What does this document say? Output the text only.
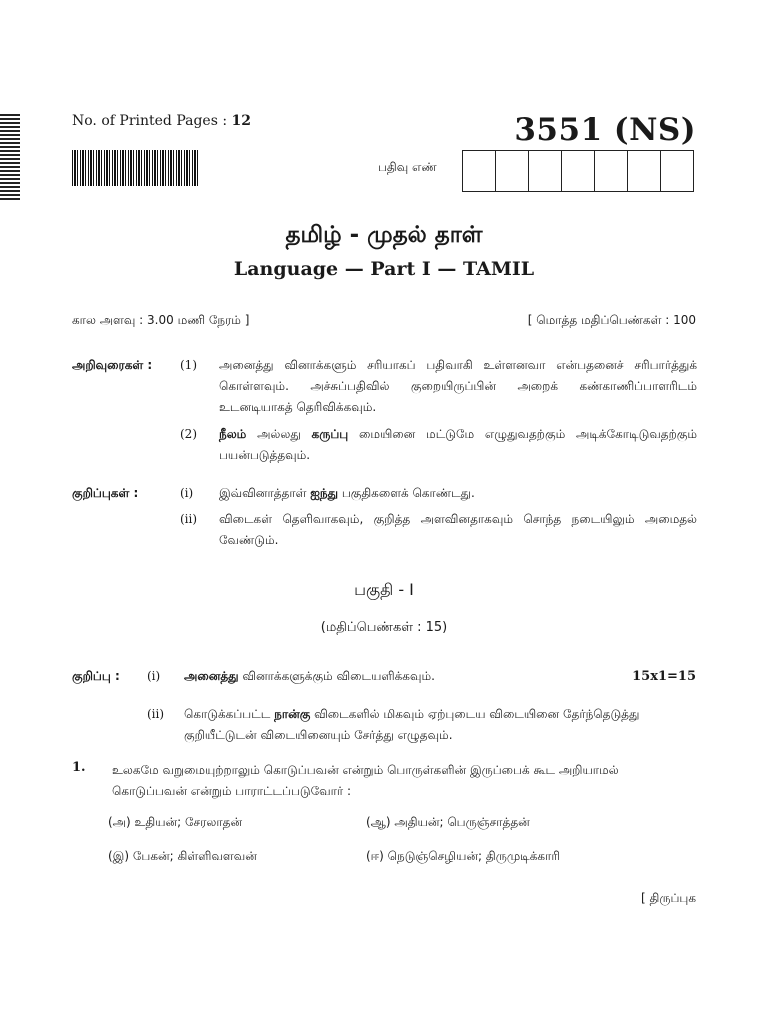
No. of Printed Pages : 12	3551 (NS)
பதிவு எண்
தமிழ் - முதல் தாள்
Language — Part I — TAMIL
கால அளவு : 3.00 மணி நேரம் ]	[ மொத்த மதிப்பெண்கள் : 100
அறிவுரைகள் : (1) அனைத்து வினாக்களும் சரியாகப் பதிவாகி உள்ளனவா என்பதனைச் சரிபார்த்துக் கொள்ளவும். அச்சுப்பதிவில் குறையிருப்பின் அறைக் கண்காணிப்பாளரிடம் உடனடியாகத் தெரிவிக்கவும்.
(2) நீலம் அல்லது கருப்பு மையினை மட்டுமே எழுதுவதற்கும் அடிக்கோடிடுவதற்கும் பயன்படுத்தவும்.
குறிப்புகள் :	(i) இவ்வினாத்தாள் ஐந்து பகுதிகளைக் கொண்டது.
(ii) விடைகள் தெளிவாகவும், குறித்த அளவினதாகவும் சொந்த நடையிலும் அமைதல் வேண்டும்.
பகுதி - I
(மதிப்பெண்கள் : 15)
குறிப்பு : (i) அனைத்து வினாக்களுக்கும் விடையளிக்கவும்.	15x1=15
(ii) கொடுக்கப்பட்ட நான்கு விடைகளில் மிகவும் ஏற்புடைய விடையினை தேர்ந்தெடுத்து குறியீட்டுடன் விடையினையும் சேர்த்து எழுதவும்.
1. உலகமே வறுமையுற்றாலும் கொடுப்பவன் என்றும் பொருள்களின் இருப்பைக் கூட அறியாமல் கொடுப்பவன் என்றும் பாராட்டப்படுவோர் :
(அ) உதியன்; சேரலாதன்	(ஆ) அதியன்; பெருஞ்சாத்தன்
(இ) பேகன்; கிள்ளிவளவன்	(ஈ) நெடுஞ்செழியன்; திருமுடிக்காரி
[ திருப்புக
